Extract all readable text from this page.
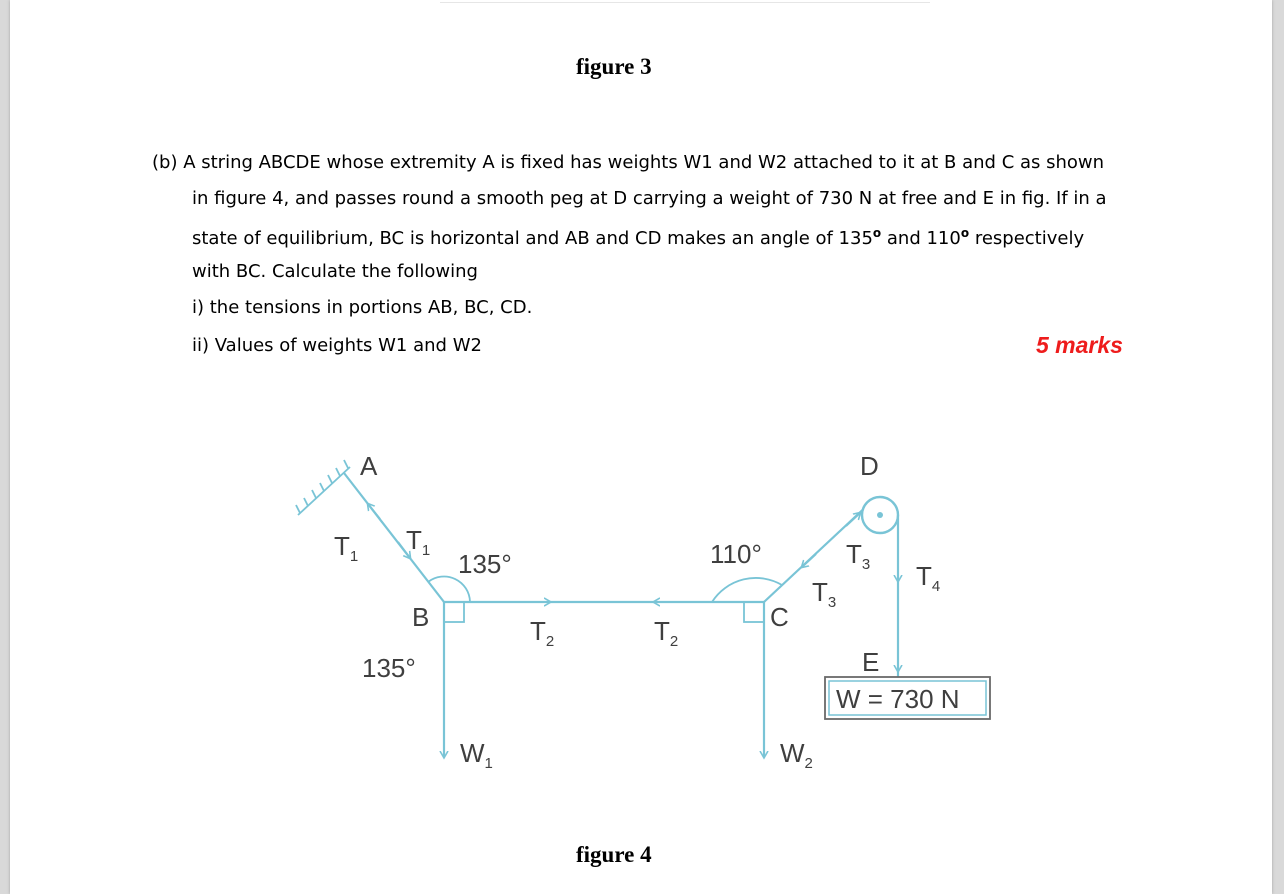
figure 3
(b) A string ABCDE whose extremity A is fixed has weights W1 and W2 attached to it at B and C as shown
in figure 4, and passes round a smooth peg at D carrying a weight of 730 N at free and E in fig. If in a
state of equilibrium, BC is horizontal and AB and CD makes an angle of 135$^o$ and 110$^o$ respectively
with BC. Calculate the following
i) the tensions in portions AB, BC, CD.
ii) Values of weights W1 and W2	5 marks
figure 4
A
B	C
D
E
$T_1$
$T_1$
$T_2$	$T_2$
$T_3$
$T_3$
$T_4$
135°
135°
110°
$W_1$	$W_2$
W = 730 N
